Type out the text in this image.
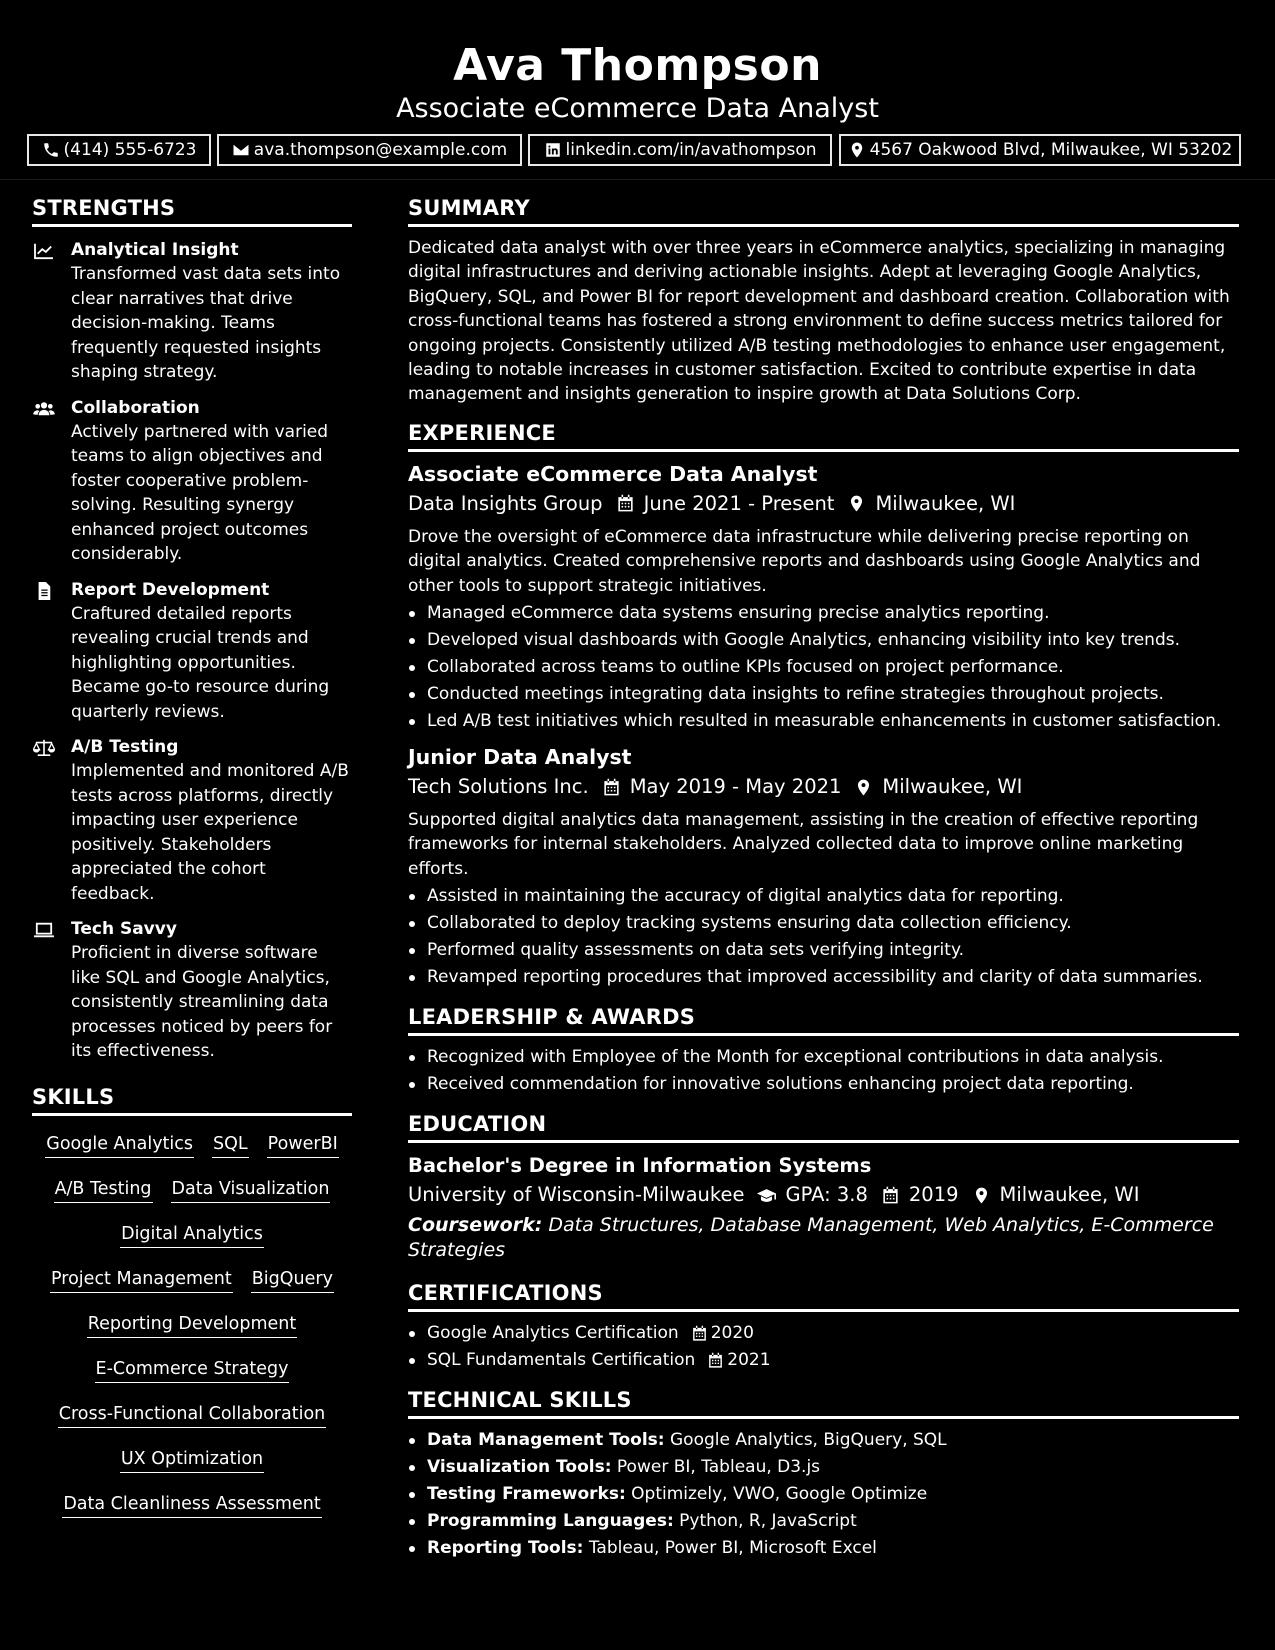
Ava Thompson
Associate eCommerce Data Analyst
(414) 555-6723	ava.thompson@example.com	linkedin.com/in/avathompson	4567 Oakwood Blvd, Milwaukee, WI 53202
STRENGTHS
Analytical Insight
Transformed vast data sets into clear narratives that drive decision-making. Teams frequently requested insights shaping strategy.
Collaboration
Actively partnered with varied teams to align objectives and foster cooperative problem-solving. Resulting synergy enhanced project outcomes considerably.
Report Development
Craftured detailed reports revealing crucial trends and highlighting opportunities. Became go-to resource during quarterly reviews.
A/B Testing
Implemented and monitored A/B tests across platforms, directly impacting user experience positively. Stakeholders appreciated the cohort feedback.
Tech Savvy
Proficient in diverse software like SQL and Google Analytics, consistently streamlining data processes noticed by peers for its effectiveness.
SKILLS
Google Analytics SQL PowerBI
A/B Testing Data Visualization
Digital Analytics
Project Management BigQuery
Reporting Development
E-Commerce Strategy
Cross-Functional Collaboration
UX Optimization
Data Cleanliness Assessment
SUMMARY
Dedicated data analyst with over three years in eCommerce analytics, specializing in managing digital infrastructures and deriving actionable insights. Adept at leveraging Google Analytics, BigQuery, SQL, and Power BI for report development and dashboard creation. Collaboration with cross-functional teams has fostered a strong environment to define success metrics tailored for ongoing projects. Consistently utilized A/B testing methodologies to enhance user engagement, leading to notable increases in customer satisfaction. Excited to contribute expertise in data management and insights generation to inspire growth at Data Solutions Corp.
EXPERIENCE
Associate eCommerce Data Analyst
Data Insights Group June 2021 - Present Milwaukee, WI
Drove the oversight of eCommerce data infrastructure while delivering precise reporting on digital analytics. Created comprehensive reports and dashboards using Google Analytics and other tools to support strategic initiatives.
Managed eCommerce data systems ensuring precise analytics reporting.
Developed visual dashboards with Google Analytics, enhancing visibility into key trends.
Collaborated across teams to outline KPIs focused on project performance.
Conducted meetings integrating data insights to refine strategies throughout projects.
Led A/B test initiatives which resulted in measurable enhancements in customer satisfaction.
Junior Data Analyst
Tech Solutions Inc. May 2019 - May 2021 Milwaukee, WI
Supported digital analytics data management, assisting in the creation of effective reporting frameworks for internal stakeholders. Analyzed collected data to improve online marketing efforts.
Assisted in maintaining the accuracy of digital analytics data for reporting.
Collaborated to deploy tracking systems ensuring data collection efficiency.
Performed quality assessments on data sets verifying integrity.
Revamped reporting procedures that improved accessibility and clarity of data summaries.
LEADERSHIP & AWARDS
Recognized with Employee of the Month for exceptional contributions in data analysis.
Received commendation for innovative solutions enhancing project data reporting.
EDUCATION
Bachelor's Degree in Information Systems
University of Wisconsin-Milwaukee GPA: 3.8 2019 Milwaukee, WI
Coursework: Data Structures, Database Management, Web Analytics, E-Commerce Strategies
CERTIFICATIONS
Google Analytics Certification 2020
SQL Fundamentals Certification 2021
TECHNICAL SKILLS
Data Management Tools: Google Analytics, BigQuery, SQL
Visualization Tools: Power BI, Tableau, D3.js
Testing Frameworks: Optimizely, VWO, Google Optimize
Programming Languages: Python, R, JavaScript
Reporting Tools: Tableau, Power BI, Microsoft Excel
